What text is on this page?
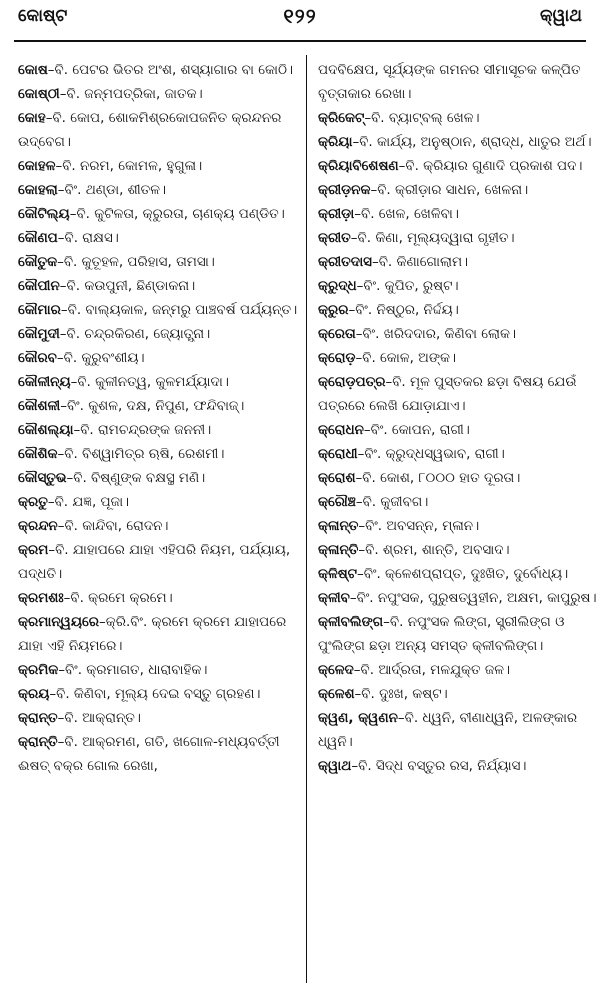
କୋଷ୍ଟ	୧୨୨	କ୍ୱାଥ
କୋଷ–ବି. ପେଟର ଭିତର ଅଂଶ, ଶସ୍ୟାଗାର ବା କୋଠି।
କୋଷ୍ଠୀ–ବି. ଜନ୍ମପତ୍ରିକା, ଜାତକ।
କୋହ–ବି. କୋପ, ଶୋକମିଶ୍ରକୋପଜନିତ କ୍ରନ୍ଦନର ଉଦ୍‌ବେଗ।
କୋହଳ–ବି. ନରମ, କୋମଳ, ହୁଗୁଳା।
କୋହଲା–ବିଂ. ଥଣ୍ଡା, ଶୀତଳ।
କୌଟିଲ୍ୟ–ବି. କୁଟିଳତା, କ୍ରୁରତା, ଚାଣକ୍ୟ ପଣ୍ଡିତ।
କୌଣପ–ବି. ରାକ୍ଷସ।
କୌତୁକ–ବି. କୁତୂହଳ, ପରିହାସ, ତାମସା।
କୌପୀନ–ବି. କଉପୁନୀ, ଛିଣ୍ଡାକନା।
କୌମାର–ବି. ବାଲ୍ୟକାଳ, ଜନ୍ମରୁ ପାଞ୍ଚବର୍ଷ ପର୍ଯ୍ୟନ୍ତ।
କୌମୁଦୀ–ବି. ଚନ୍ଦ୍ରକିରଣ, ଜ୍ୟୋତ୍ସ୍ନା।
କୌରବ–ବି. କୁରୁବଂଶୀୟ।
କୌଳୀନ୍ୟ–ବି. କୁଳୀନତ୍ୱ, କୁଳମର୍ଯ୍ୟାଦା।
କୌଶଳୀ–ବିଂ. କୁଶଳ, ଦକ୍ଷ, ନିପୁଣ, ଫନ୍ଦିବାଜ୍‌।
କୌଶଲ୍ୟା–ବି. ରାମଚନ୍ଦ୍ରଙ୍କ ଜନନୀ।
କୌଶିକ–ବି. ବିଶ୍ୱାମିତ୍ର ଋଷି, ରେଶମୀ।
କୌସ୍ତୁଭ–ବି. ବିଷ୍ଣୁଙ୍କ ବକ୍ଷସ୍ଥ ମଣି।
କ୍ରତୁ–ବି. ଯଜ୍ଞ, ପୂଜା।
କ୍ରନ୍ଦନ–ବି. କାନ୍ଦିବା, ରୋଦନ।
କ୍ରମ–ବି. ଯାହାପରେ ଯାହା ଏହିପରି ନିୟମ, ପର୍ଯ୍ୟାୟ, ପଦ୍ଧତି।
କ୍ରମଶଃ–ବି. କ୍ରମେ କ୍ରମେ।
କ୍ରମାନ୍ୱୟରେ–କ୍ରି.ବିଂ. କ୍ରମେ କ୍ରମେ ଯାହାପରେ ଯାହା ଏହି ନିୟମରେ।
କ୍ରମିକ–ବିଂ. କ୍ରମାଗତ, ଧାରାବାହିକ।
କ୍ରୟ–ବି. କିଣିବା, ମୂଲ୍ୟ ଦେଇ ବସ୍ତୁ ଗ୍ରହଣ।
କ୍ରାନ୍ତ–ବି. ଆକ୍ରାନ୍ତ।
କ୍ରାନ୍ତି–ବି. ଆକ୍ରମଣ, ଗତି, ଖଗୋଳ-ମଧ୍ୟବର୍ତ୍ତୀ ଈଷତ୍ ବକ୍ର ଗୋଲ ରେଖା,
ପଦବିକ୍ଷେପ, ସୂର୍ଯ୍ୟଙ୍କ ଗମନର ସୀମାସୂଚକ କଳ୍ପିତ ବୃତ୍ତାକାର ରେଖା।
କ୍ରିକେଟ୍–ବି. ବ୍ୟାଟ୍‌ବଲ୍ ଖେଳ।
କ୍ରିୟା–ବି. କାର୍ଯ୍ୟ, ଅନୁଷ୍ଠାନ, ଶ୍ରାଦ୍ଧ, ଧାତୁର ଅର୍ଥ।
କ୍ରିୟାବିଶେଷଣ–ବି. କ୍ରିୟାର ଗୁଣାଦି ପ୍ରକାଶ ପଦ।
କ୍ରୀଡ଼ନକ–ବି. କ୍ରୀଡ଼ାର ସାଧନ, ଖେଳନା।
କ୍ରୀଡ଼ା–ବି. ଖେଳ, ଖେଳିବା।
କ୍ରୀତ–ବି. କିଣା, ମୂଲ୍ୟଦ୍ୱାରା ଗୃହୀତ।
କ୍ରୀତଦାସ–ବି. କିଣାଗୋଲାମ।
କ୍ରୁଦ୍ଧ–ବିଂ. କୁପିତ, ରୁଷ୍ଟ।
କ୍ରୁର–ବିଂ. ନିଷ୍ଠୁର, ନିର୍ଦ୍ଦୟ।
କ୍ରେତା–ବିଂ. ଖରିଦଦାର, କିଣିବା ଲୋକ।
କ୍ରୋଡ଼–ବି. କୋଳ, ଅଙ୍କ।
କ୍ରୋଡ଼ପତ୍ର–ବି. ମୂଳ ପୁସ୍ତକର ଛଡ଼ା ବିଷୟ ଯେଉଁ ପତ୍ରରେ ଲେଖି ଯୋଡ଼ାଯାଏ।
କ୍ରୋଧନ–ବିଂ. କୋପନ, ରାଗୀ।
କ୍ରୋଧୀ–ବିଂ. କ୍ରୁଦ୍ଧସ୍ୱଭାବ, ରାଗୀ।
କ୍ରୋଶ–ବି. କୋଶ, ୮୦୦୦ ହାତ ଦୂରତା।
କ୍ରୌଞ୍ଚ–ବି. କୁଜୀବଗ।
କ୍ଳାନ୍ତ–ବିଂ. ଅବସନ୍ନ, ମ୍ଳାନ।
କ୍ଳାନ୍ତି–ବି. ଶ୍ରମ, ଶାନ୍ତି, ଅବସାଦ।
କ୍ଳିଷ୍ଟ–ବିଂ. କ୍ଳେଶପ୍ରାପ୍ତ, ଦୁଃଖିତ, ଦୁର୍ବୋଧ୍ୟ।
କ୍ଳୀବ–ବିଂ. ନପୁଂସକ, ପୁରୁଷତ୍ୱହୀନ, ଅକ୍ଷମ, କାପୁରୁଷ।
କ୍ଳୀବଲିଙ୍ଗ–ବି. ନପୁଂସକ ଲିଙ୍ଗ, ସ୍ତ୍ରୀଲିଙ୍ଗ ଓ ପୁଂଲିଙ୍ଗ ଛଡ଼ା ଅନ୍ୟ ସମସ୍ତ କ୍ଳୀବଲିଙ୍ଗ।
କ୍ଳେଦ–ବି. ଆର୍ଦ୍ରତା, ମଳଯୁକ୍ତ ଜଳ।
କ୍ଳେଶ–ବି. ଦୁଃଖ, କଷ୍ଟ।
କ୍ୱଣ, କ୍ୱଣନ–ବି. ଧ୍ୱନି, ବୀଣାଧ୍ୱନି, ଅଳଙ୍କାର ଧ୍ୱନି।
କ୍ୱାଥ–ବି. ସିଦ୍ଧ ବସ୍ତୁର ରସ, ନିର୍ଯ୍ୟାସ।
